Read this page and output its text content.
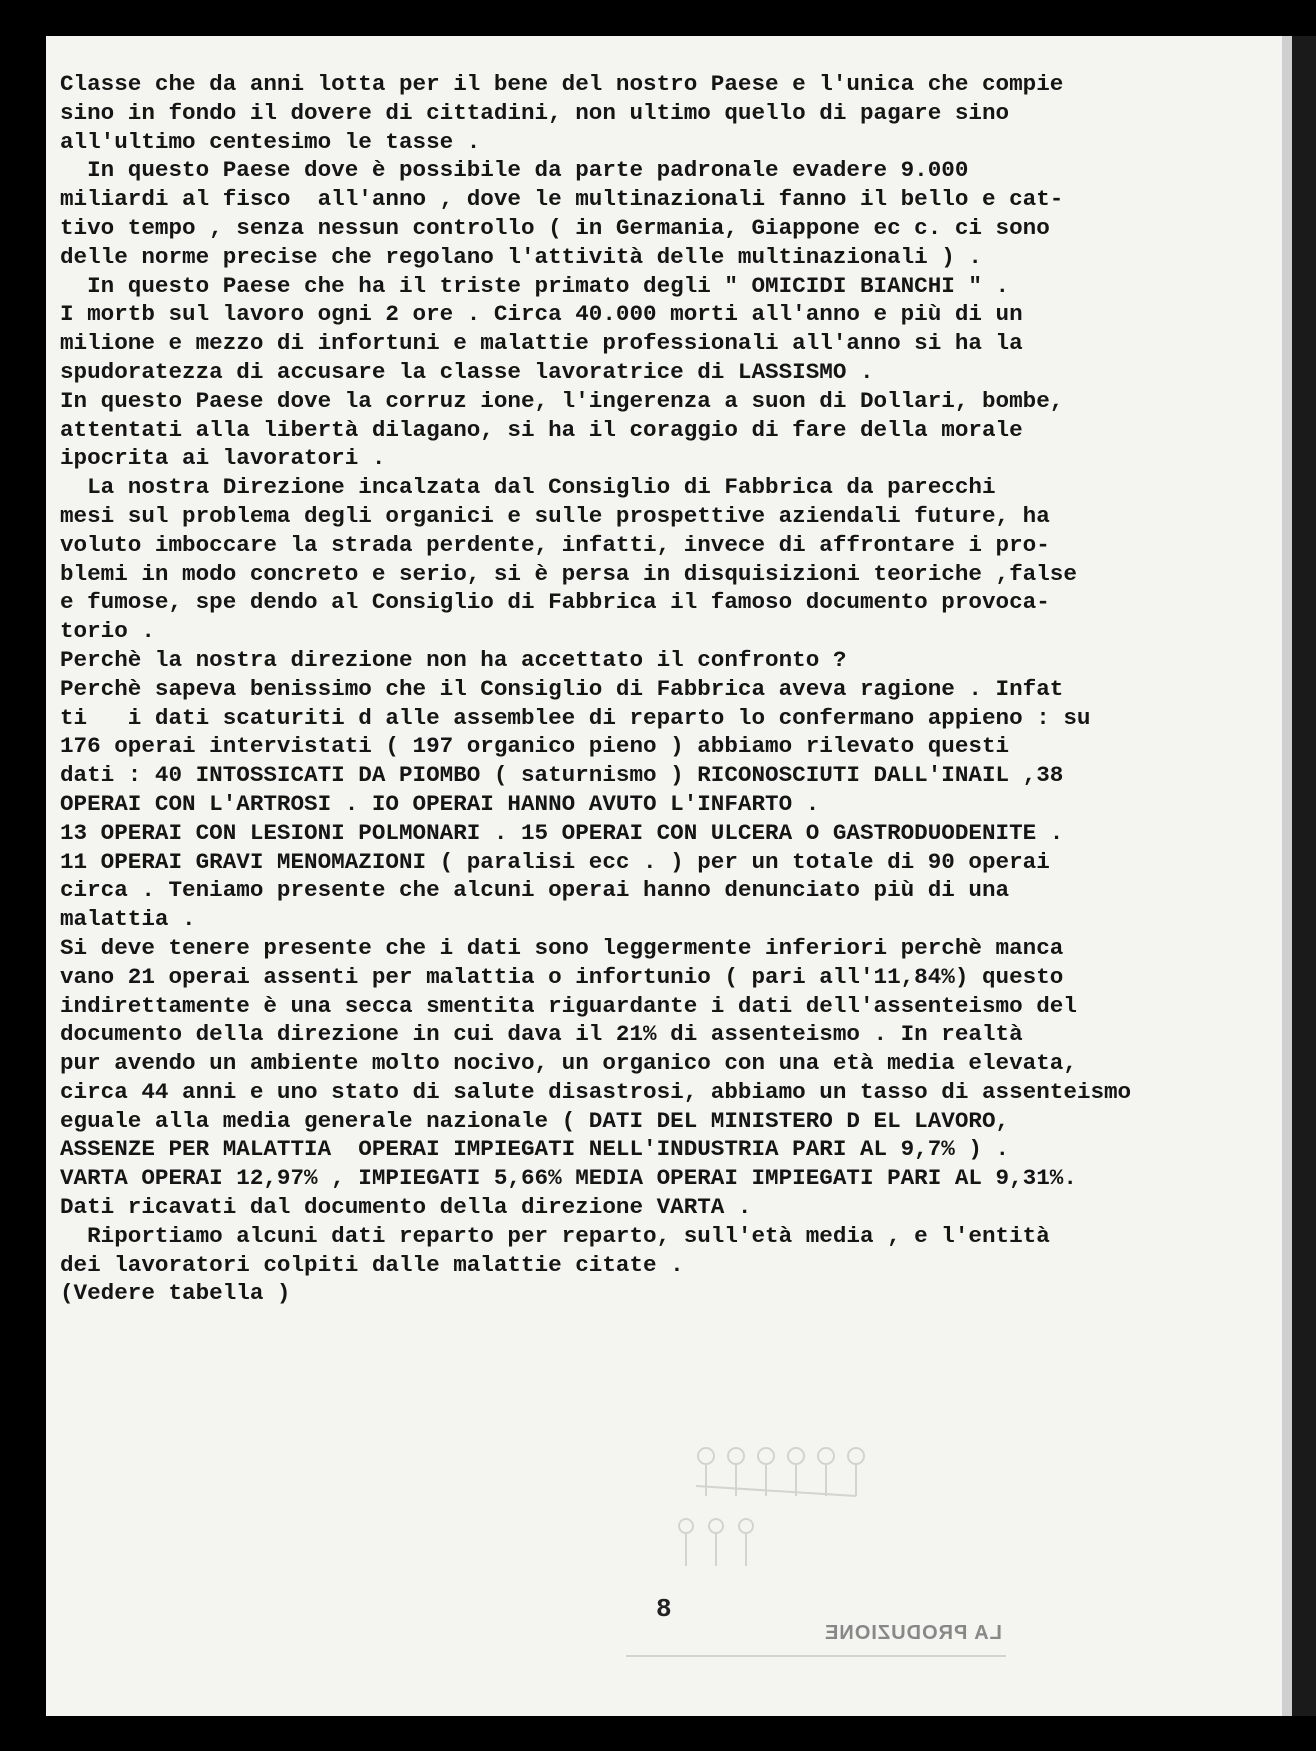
LA PRODUZIONE

Classe che da anni lotta per il bene del nostro Paese e l'unica che compie

sino in fondo il dovere di cittadini, non ultimo quello di pagare sino

all'ultimo centesimo le tasse .

In questo Paese dove è possibile da parte padronale evadere 9.000

miliardi al fisco  all'anno , dove le multinazionali fanno il bello e cat-

tivo tempo , senza nessun controllo ( in Germania, Giappone ec c. ci sono

delle norme precise che regolano l'attività delle multinazionali ) .

In questo Paese che ha il triste primato degli " OMICIDI BIANCHI " .

I mortb sul lavoro ogni 2 ore . Circa 40.000 morti all'anno e più di un

milione e mezzo di infortuni e malattie professionali all'anno si ha la

spudoratezza di accusare la classe lavoratrice di LASSISMO .

In questo Paese dove la corruz ione, l'ingerenza a suon di Dollari, bombe,

attentati alla libertà dilagano, si ha il coraggio di fare della morale

ipocrita ai lavoratori .

La nostra Direzione incalzata dal Consiglio di Fabbrica da parecchi

mesi sul problema degli organici e sulle prospettive aziendali future, ha

voluto imboccare la strada perdente, infatti, invece di affrontare i pro-

blemi in modo concreto e serio, si è persa in disquisizioni teoriche ,false

e fumose, spe dendo al Consiglio di Fabbrica il famoso documento provoca-

torio .

Perchè la nostra direzione non ha accettato il confronto ?

Perchè sapeva benissimo che il Consiglio di Fabbrica aveva ragione . Infat

ti   i dati scaturiti d alle assemblee di reparto lo confermano appieno : su

176 operai intervistati ( 197 organico pieno ) abbiamo rilevato questi

dati : 40 INTOSSICATI DA PIOMBO ( saturnismo ) RICONOSCIUTI DALL'INAIL ,38

OPERAI CON L'ARTROSI . IO OPERAI HANNO AVUTO L'INFARTO .

13 OPERAI CON LESIONI POLMONARI . 15 OPERAI CON ULCERA O GASTRODUODENITE .

11 OPERAI GRAVI MENOMAZIONI ( paralisi ecc . ) per un totale di 90 operai

circa . Teniamo presente che alcuni operai hanno denunciato più di una

malattia .

Si deve tenere presente che i dati sono leggermente inferiori perchè manca

vano 21 operai assenti per malattia o infortunio ( pari all'11,84%) questo

indirettamente è una secca smentita riguardante i dati dell'assenteismo del

documento della direzione in cui dava il 21% di assenteismo . In realtà

pur avendo un ambiente molto nocivo, un organico con una età media elevata,

circa 44 anni e uno stato di salute disastrosi, abbiamo un tasso di assenteismo

eguale alla media generale nazionale ( DATI DEL MINISTERO D EL LAVORO,

ASSENZE PER MALATTIA  OPERAI IMPIEGATI NELL'INDUSTRIA PARI AL 9,7% ) .

VARTA OPERAI 12,97% , IMPIEGATI 5,66% MEDIA OPERAI IMPIEGATI PARI AL 9,31%.

Dati ricavati dal documento della direzione VARTA .

Riportiamo alcuni dati reparto per reparto, sull'età media , e l'entità

dei lavoratori colpiti dalle malattie citate .

(Vedere tabella )

8
